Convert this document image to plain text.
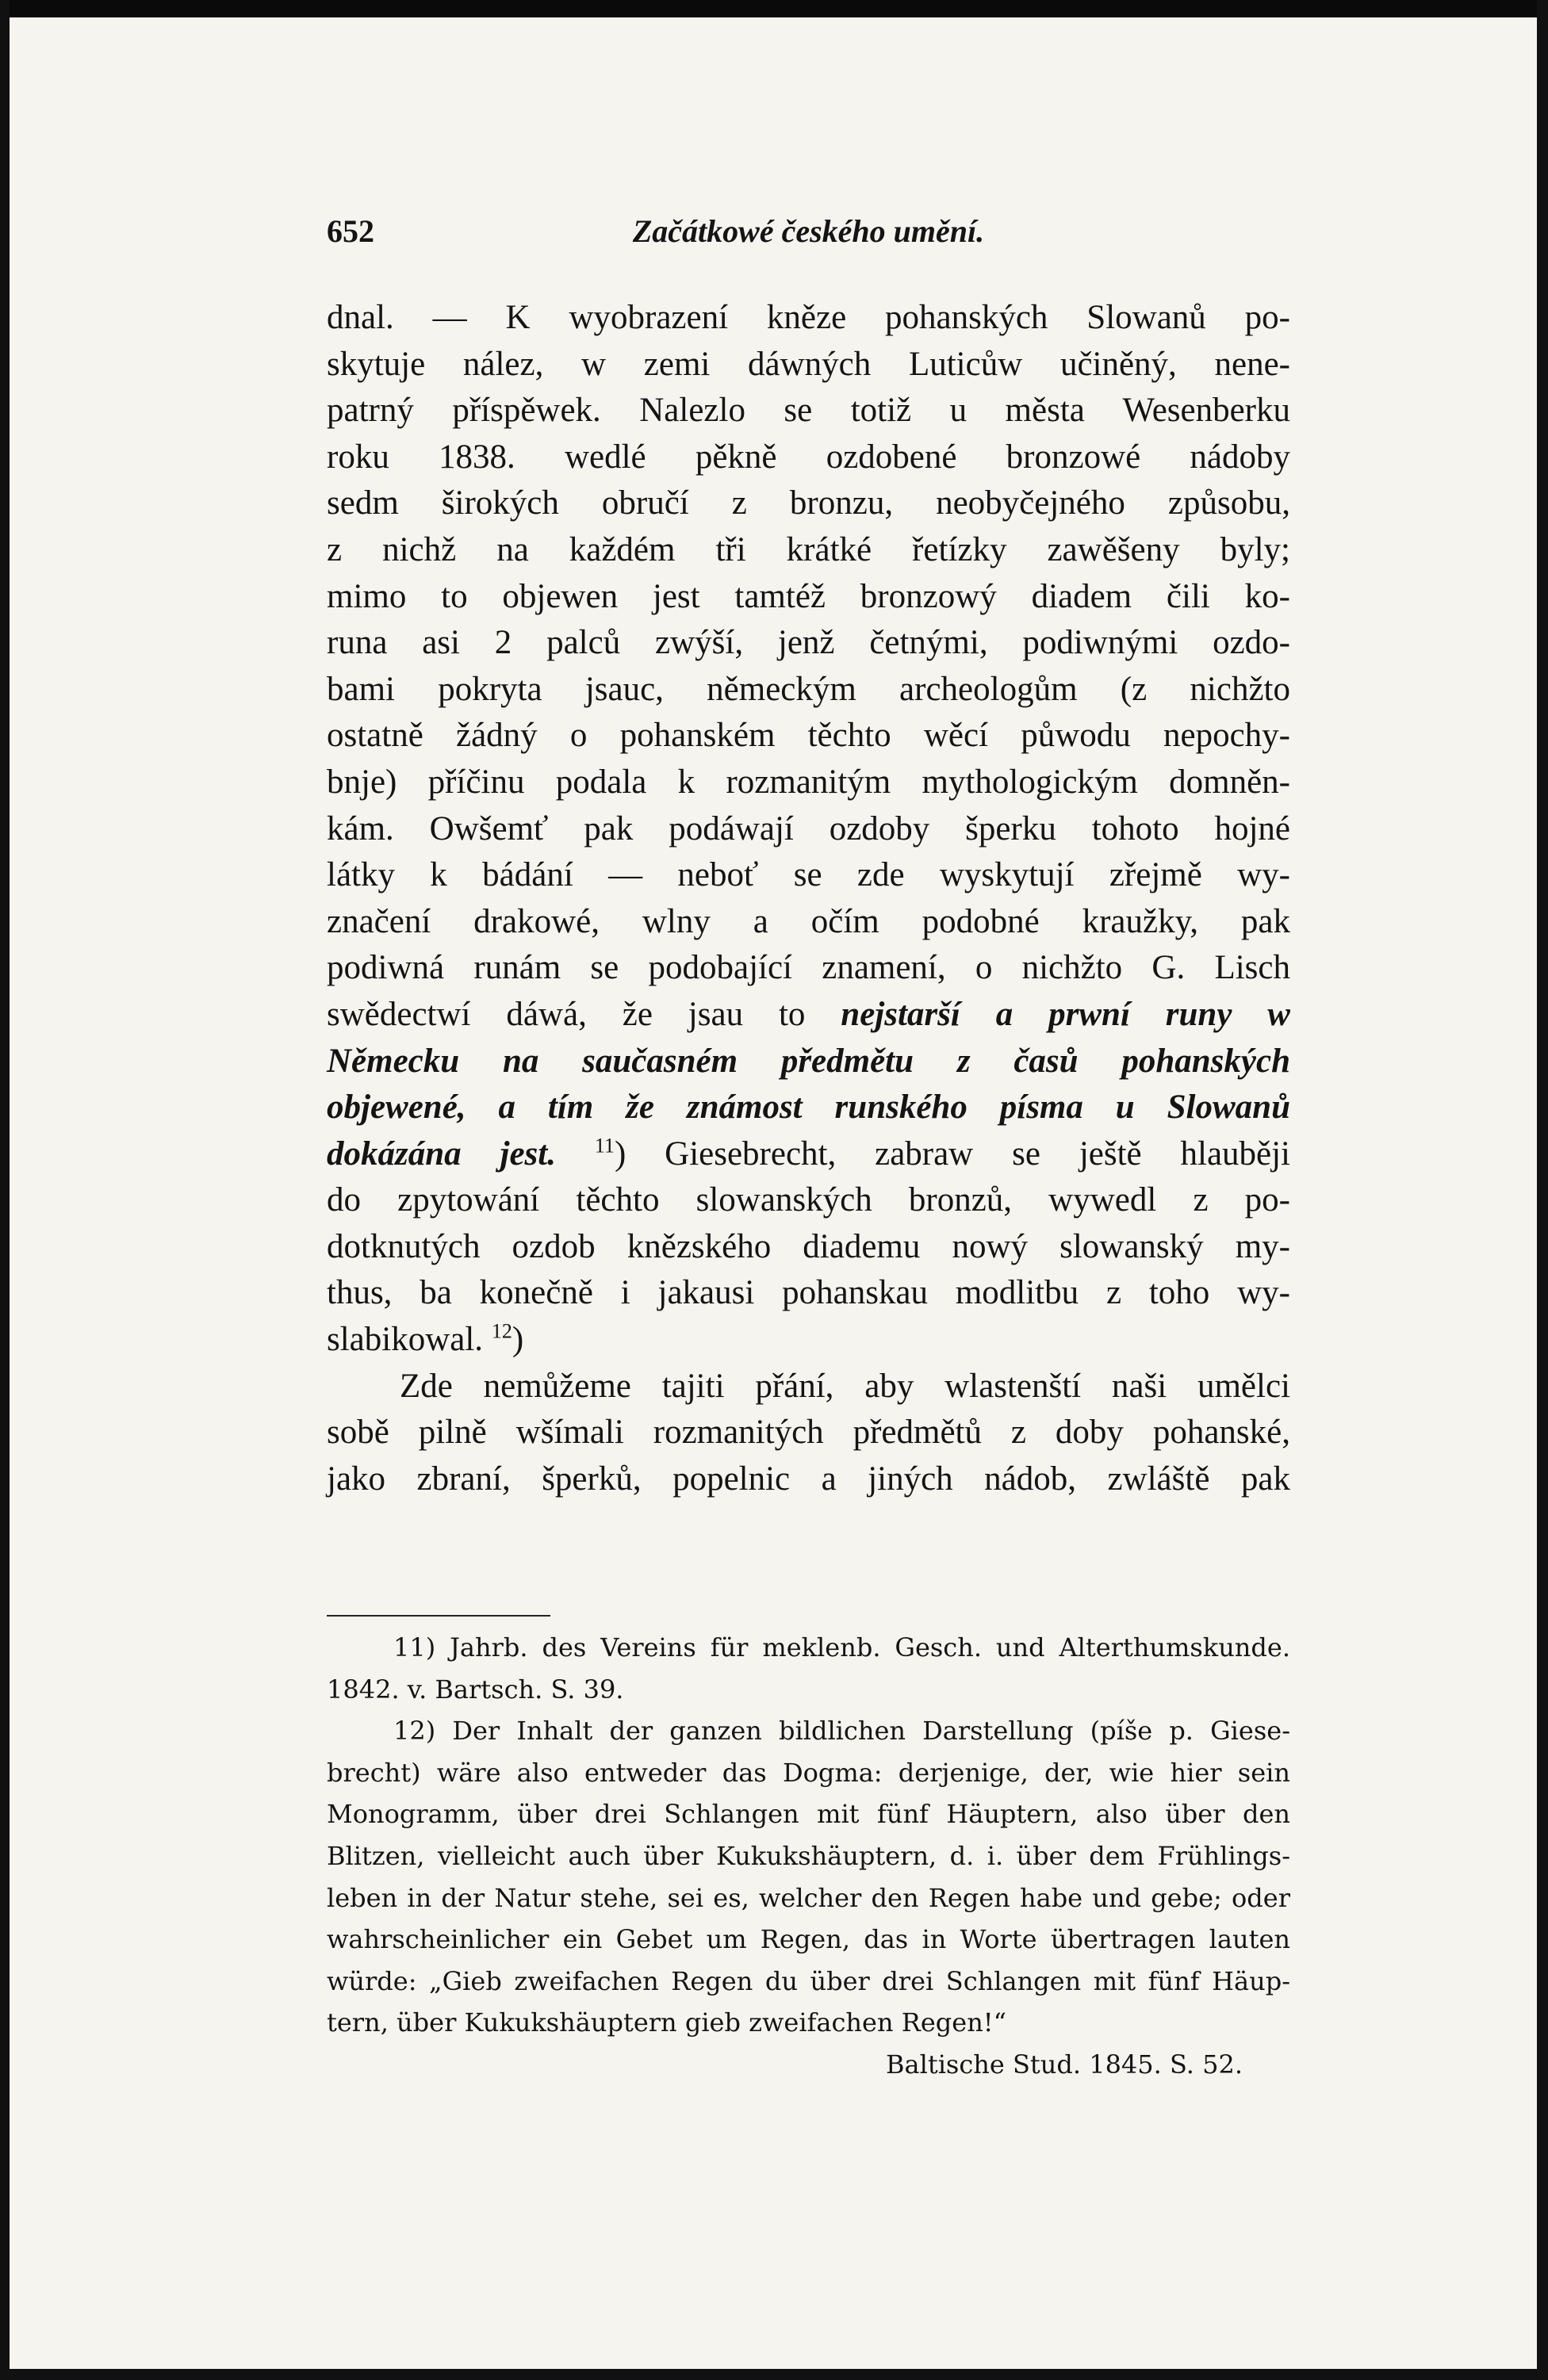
652	Začátkowé českého umění.
dnal. — K wyobrazení kněze pohanských Slowanů po-
skytuje nález, w zemi dáwných Luticůw učiněný, nene-
patrný příspěwek. Nalezlo se totiž u města Wesenberku
roku 1838. wedlé pěkně ozdobené bronzowé nádoby
sedm širokých obručí z bronzu, neobyčejného způsobu,
z nichž na každém tři krátké řetízky zawěšeny byly;
mimo to objewen jest tamtéž bronzowý diadem čili ko-
runa asi 2 palců zwýší, jenž četnými, podiwnými ozdo-
bami pokryta jsauc, německým archeologům (z nichžto
ostatně žádný o pohanském těchto wěcí půwodu nepochy-
bnje) příčinu podala k rozmanitým mythologickým domněn-
kám. Owšemť pak podáwají ozdoby šperku tohoto hojné
látky k bádání — neboť se zde wyskytují zřejmě wy-
značení drakowé, wlny a očím podobné kraužky, pak
podiwná runám se podobající znamení, o nichžto G. Lisch
swědectwí dáwá, že jsau to nejstarší a prwní runy w
Německu na saučasném předmětu z časů pohanských
objewené, a tím že známost runského písma u Slowanů
dokázána jest. $^{11}$) Giesebrecht, zabraw se ještě hlauběji
do zpytowání těchto slowanských bronzů, wywedl z po-
dotknutých ozdob knězského diademu nowý slowanský my-
thus, ba konečně i jakausi pohanskau modlitbu z toho wy-
slabikowal. $^{12}$)
Zde nemůžeme tajiti přání, aby wlastenští naši umělci
sobě pilně wšímali rozmanitých předmětů z doby pohanské,
jako zbraní, šperků, popelnic a jiných nádob, zwláště pak
11) Jahrb. des Vereins für meklenb. Gesch. und Alterthumskunde.
1842. v. Bartsch. S. 39.
12) Der Inhalt der ganzen bildlichen Darstellung (píše p. Giese-
brecht) wäre also entweder das Dogma: derjenige, der, wie hier sein
Monogramm, über drei Schlangen mit fünf Häuptern, also über den
Blitzen, vielleicht auch über Kukukshäuptern, d. i. über dem Frühlings-
leben in der Natur stehe, sei es, welcher den Regen habe und gebe; oder
wahrscheinlicher ein Gebet um Regen, das in Worte übertragen lauten
würde: „Gieb zweifachen Regen du über drei Schlangen mit fünf Häup-
tern, über Kukukshäuptern gieb zweifachen Regen!“
Baltische Stud. 1845. S. 52.
